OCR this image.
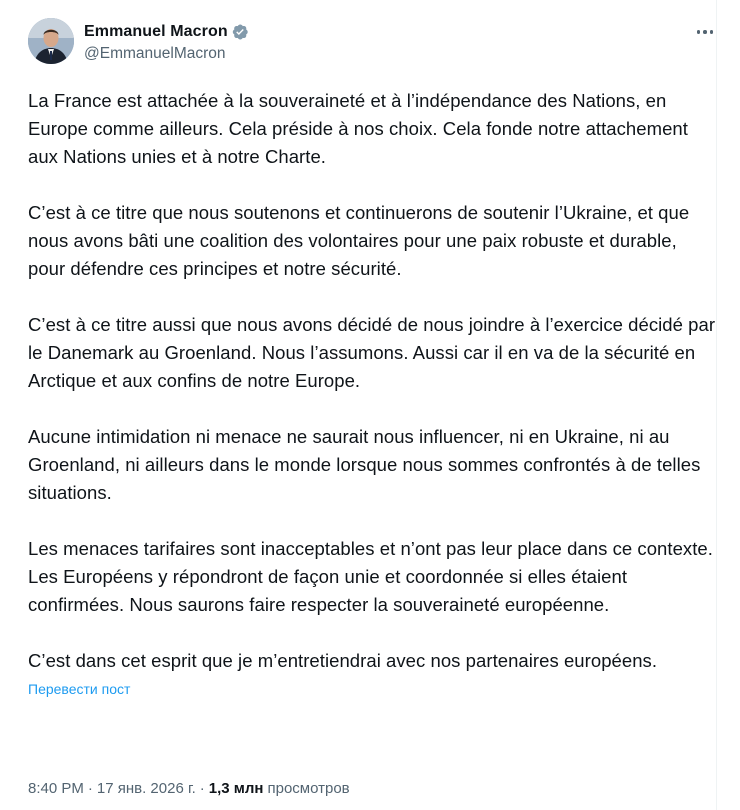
Emmanuel Macron
@EmmanuelMacron

La France est attachée à la souveraineté et à l’indépendance des Nations, en Europe comme ailleurs. Cela préside à nos choix. Cela fonde notre attachement aux Nations unies et à notre Charte.

C’est à ce titre que nous soutenons et continuerons de soutenir l’Ukraine, et que nous avons bâti une coalition des volontaires pour une paix robuste et durable, pour défendre ces principes et notre sécurité.

C’est à ce titre aussi que nous avons décidé de nous joindre à l’exercice décidé par le Danemark au Groenland. Nous l’assumons. Aussi car il en va de la sécurité en Arctique et aux confins de notre Europe.

Aucune intimidation ni menace ne saurait nous influencer, ni en Ukraine, ni au Groenland, ni ailleurs dans le monde lorsque nous sommes confrontés à de telles situations.

Les menaces tarifaires sont inacceptables et n’ont pas leur place dans ce contexte. Les Européens y répondront de façon unie et coordonnée si elles étaient confirmées. Nous saurons faire respecter la souveraineté européenne.

C’est dans cet esprit que je m’entretiendrai avec nos partenaires européens.

Перевести пост
8:40 PM · 17 янв. 2026 г. · 1,3 млн просмотров
